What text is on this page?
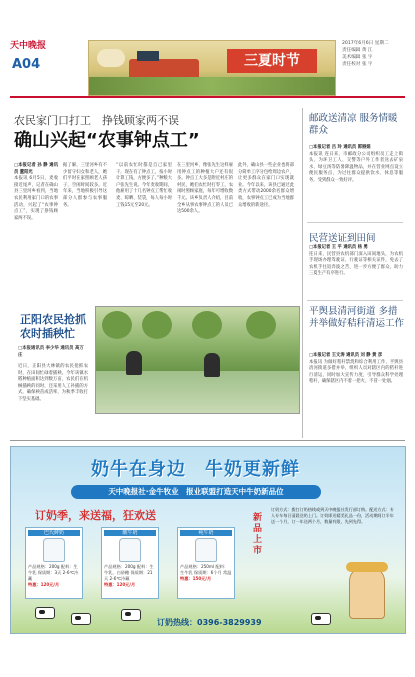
天中晚报
A04	三夏时节
2017年6月6日 星期二
责任编辑 黄 江
美术编辑 张 宇
责任校对 张 宇
农民家门口打工　挣钱顾家两不误
确山兴起“农事钟点工”
□本报记者 孙 静 通讯员 董阳光
本报讯 6月5日，麦收接近尾声，记者在确山县三里河乡看到，当地农民利用家门口的农事活动，兴起了“农事钟点工”，实现了挣钱顾家两不误。
据了解，三里河乡有不少留守妇女和老人，她们平时在家照顾老人孩子，空闲时间较多。近年来，当地积极引导这部分人群参与农事服务。
“以前农忙时都是自己家里干，现在有了钟点工，按小时计算工钱，方便多了。”种粮大户张先生说。今年麦收期间，他雇用了十几名钟点工帮忙收麦、晾晒、装袋，每人每小时工钱15元至20元。
在三里河乡，像张先生这样雇用钟点工的种植大户还有很多。钟点工大多是附近村庄的村民，她们农忙时打零工，农闲时照顾家庭，每年可增收数千元。该乡负责人介绍，目前全乡从事农事钟点工的人员已达500余人。
此外，确山县一些企业也将部分简单工序分包给周边农户，让更多群众在家门口实现就业。今年以来，该县已通过此类方式带动2000余名群众增收，农事钟点工已成为当地群众增收的新途径。
正阳农民抢抓农时插秧忙
□本报通讯员 李少华 通讯员 高万庄
近日，正阳县大林镇的农民抢抓农时，在田间忙碌着插秧。今年该镇水稻种植面积达到数万亩，农民们在机械插秧的同时，还采用人工补插的方式，确保秧苗成活率，为秋季丰收打下坚实基础。
邮政送清凉 服务情暖群众
□本报记者 吕 玲 通讯员 郭丽娟
本报讯 连日来，市邮政分公司组织员工走上街头，为环卫工人、交警等户外工作者送去矿泉水、绿豆汤等防暑降温物品，并在营业网点设立便民服务点，为过往群众提供饮水、休息等服务，受到群众一致好评。
民营送证到田间
□本报记者 王 平 通讯员 杨 勇
连日来，民营县农机部门深入田间地头，为农机手现场办理驾驶证、行驶证等相关证件，免去了农机手往返奔波之苦，进一步方便了群众，助力三夏生产有序进行。
平舆县清河街道 多措并举做好秸秆清运工作
□本报记者 王文涛 通讯员 刘 静 黄 彦
本报讯 为做好秸秆禁烧和综合利用工作，平舆县清河街道多措并举，组织人员对辖区内的秸秆进行清运，同时加大宣传力度，引导群众科学处理秸秆，确保辖区内不着一把火、不冒一处烟。
奶牛在身边　牛奶更新鲜
天中晚报社·金牛牧业　报业联盟打造天中牛奶新品位
订奶季，来送福，狂欢送
巴氏鲜奶
产品规格：200g 配料：生牛乳 保质期：3天 2-6℃冷藏
特惠：120元/月
酸牛奶
产品规格：200g 配料：生牛乳、白砂糖 保质期：21天 2-6℃冷藏
特惠：120元/月
纯牛奶
产品规格：250ml 配料：生牛乳 保质期：6个月 常温
特惠：150元/月
新品上市
订奶方式：拨打订奶热线或到天中晚报社发行部订购。配送方式：专人专车每日清晨送奶上门。订奶即送精美礼品一份，活动期间订半年送一个月，订一年送两个月，数量有限，先到先得。
订奶热线：0396-3829939
